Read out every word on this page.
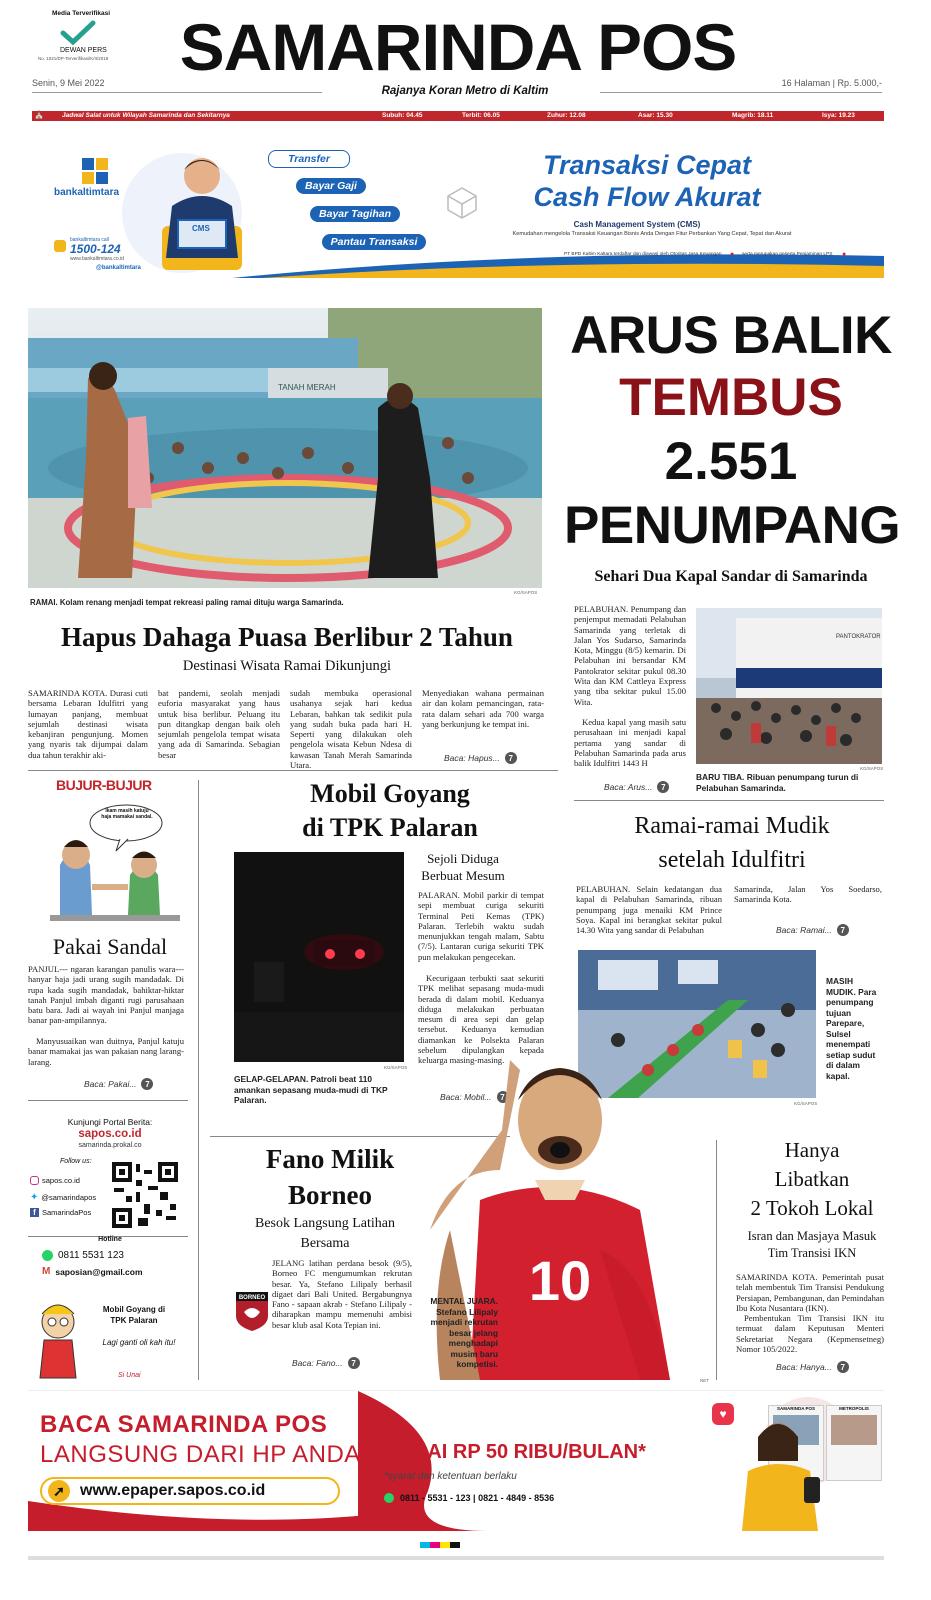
Media Terverifikasi
DEWAN PERS
No. 1021/DP-Terverifikasi/K/II/2018 SAMARINDA POS
Senin, 9 Mei 2022
Rajanya Koran Metro di Kaltim
16 Halaman | Rp. 5.000,-
⛪	Jadwal Salat untuk Wilayah Samarinda dan Sekitarnya	Subuh: 04.45	Terbit: 06.05	Zuhur: 12.08	Asar: 15.30	Magrib: 18.11	Isya: 19.23
bankaltimtara
bankaltimtara call
1500-124
www.bankaltimtara.co.id
@bankaltimtara
CMS
Transfer
Bayar Gaji
Bayar Tagihan
Pantau Transaksi
Transaksi Cepat
Cash Flow Akurat
Cash Management System (CMS)
Kemudahan mengelola Transaksi Keuangan Bisnis Anda Dengan Fitur Perbankan Yang Cepat, Tepat dan Akurat
PT BPD Kaltim Kaltara terdaftar dan diawasi oleh Otoritas Jasa Keuangan ● serta merupakan peserta Penjaminan LPS ●
TANAH MERAH
KG/SAPOS
RAMAI. Kolam renang menjadi tempat rekreasi paling ramai dituju warga Samarinda.
Hapus Dahaga Puasa Berlibur 2 Tahun
Destinasi Wisata Ramai Dikunjungi
SAMARINDA KOTA. Durasi cuti bersama Lebaran Idulfitri yang lumayan panjang, membuat sejumlah destinasi wisata kebanjiran pengunjung. Momen yang nyaris tak dijumpai dalam dua tahun terakhir aki-
bat pandemi, seolah menjadi euforia masyarakat yang haus untuk bisa berlibur. Peluang itu pun ditangkap dengan baik oleh sejumlah pengelola tempat wisata yang ada di Samarinda. Sebagian besar
sudah membuka operasional usahanya sejak hari kedua Lebaran, bahkan tak sedikit pula yang sudah buka pada hari H. Seperti yang dilakukan oleh pengelola wisata Kebun Ndesa di kawasan Tanah Merah Samarinda Utara.
Menyediakan wahana permainan air dan kolam pemancingan, rata-rata dalam sehari ada 700 warga yang berkunjung ke tempat ini.
Baca: Hapus...	7
ARUS BALIK
TEMBUS
2.551
PENUMPANG
Sehari Dua Kapal Sandar di Samarinda
PELABUHAN. Penumpang dan penjemput memadati Pelabuhan Samarinda yang terletak di Jalan Yos Sudarso, Samarinda Kota, Minggu (8/5) kemarin. Di Pelabuhan ini bersandar KM Pantokrator sekitar pukul 08.30 Wita dan KM Cattleya Express yang tiba sekitar pukul 15.00 Wita.
Kedua kapal yang masih satu perusahaan ini menjadi kapal pertama yang sandar di Pelabuhan Samarinda pada arus balik Idulfitri 1443 H
Baca: Arus...	7
PANTOKRATOR
KG/SAPOS
BARU TIBA. Ribuan penumpang turun di Pelabuhan Samarinda.
BUJUR-BUJUR
Ikam masih katuju haja mamakai sandal.
Pakai Sandal
PANJUL--- ngaran karangan panulis wara--- hanyar haja jadi urang sugih mandadak. Di rupa kada sugih mandadak, bahiktar-hiktar tanah Panjul imbah diganti rugi parusahaan batu bara. Jadi ai wayah ini Panjul manjaga banar pan-ampilannya.
Manyusuaikan wan duitnya, Panjul katuju banar mamakai jas wan pakaian nang larang-larang.
Baca: Pakai...	7
Kunjungi Portal Berita:
sapos.co.id
samarinda.prokal.co
Follow us:
sapos.co.id
✦ @samarindapos
f SamarindaPos
Hotline
0811 5531 123
M saposian@gmail.com
Mobil Goyang di TPK Palaran
Lagi ganti oli kah itu!
Si Unai
Mobil Goyang
di TPK Palaran
KG/SAPOS
GELAP-GELAPAN. Patroli beat 110 amankan sepasang muda-mudi di TKP Palaran.
Sejoli Diduga Berbuat Mesum
PALARAN. Mobil parkir di tempat sepi membuat curiga sekuriti Terminal Peti Kemas (TPK) Palaran. Terlebih waktu sudah menunjukkan tengah malam, Sabtu (7/5). Lantaran curiga sekuriti TPK pun melakukan pengecekan.
Kecurigaan terbukti saat sekuriti TPK melihat sepasang muda-mudi berada di dalam mobil. Keduanya diduga melakukan perbuatan mesum di area sepi dan gelap tersebut. Keduanya kemudian diamankan ke Polsekta Palaran sebelum dipulangkan kepada keluarga masing-masing.
Baca: Mobil...	7
Ramai-ramai Mudik
setelah Idulfitri
PELABUHAN. Selain kedatangan dua kapal di Pelabuhan Samarinda, ribuan penumpang juga menaiki KM Prince Soya. Kapal ini berangkat sekitar pukul 14.30 Wita yang sandar di Pelabuhan
Samarinda, Jalan Yos Soedarso, Samarinda Kota.
Baca: Ramai...	7
KG/SAPOS
MASIH MUDIK. Para penumpang tujuan Parepare, Sulsel menempati setiap sudut di dalam kapal.
Fano Milik
Borneo
Besok Langsung Latihan Bersama
JELANG latihan perdana besok (9/5), Borneo FC mengumumkan rekrutan besar. Ya, Stefano Lilipaly berhasil digaet dari Bali United. Bergabungnya Fano - sapaan akrab - Stefano Lilipaly - diharapkan mampu memenuhi ambisi besar klub asal Kota Tepian ini.
BORNEO
Baca: Fano...	7
10
MENTAL JUARA. Stefano Lilipaly menjadi rekrutan besar jelang menghadapi musim baru kompetisi.
NET
Hanya
Libatkan
2 Tokoh Lokal
Isran dan Masjaya Masuk Tim Transisi IKN
SAMARINDA KOTA. Pemerintah pusat telah membentuk Tim Transisi Pendukung Persiapan, Pembangunan, dan Pemindahan Ibu Kota Nusantara (IKN).
Pembentukan Tim Transisi IKN itu termuat dalam Keputusan Menteri Sekretariat Negara (Kepmensetneg) Nomor 105/2022.
Baca: Hanya...	7
BACA SAMARINDA POS
LANGSUNG DARI HP ANDA
➚ www.epaper.sapos.co.id
MULAI RP 50 RIBU/BULAN*
*syarat dan ketentuan berlaku
0811 - 5531 - 123 | 0821 - 4849 - 8536
♥	SAMARINDA POS	METROPOLIS
